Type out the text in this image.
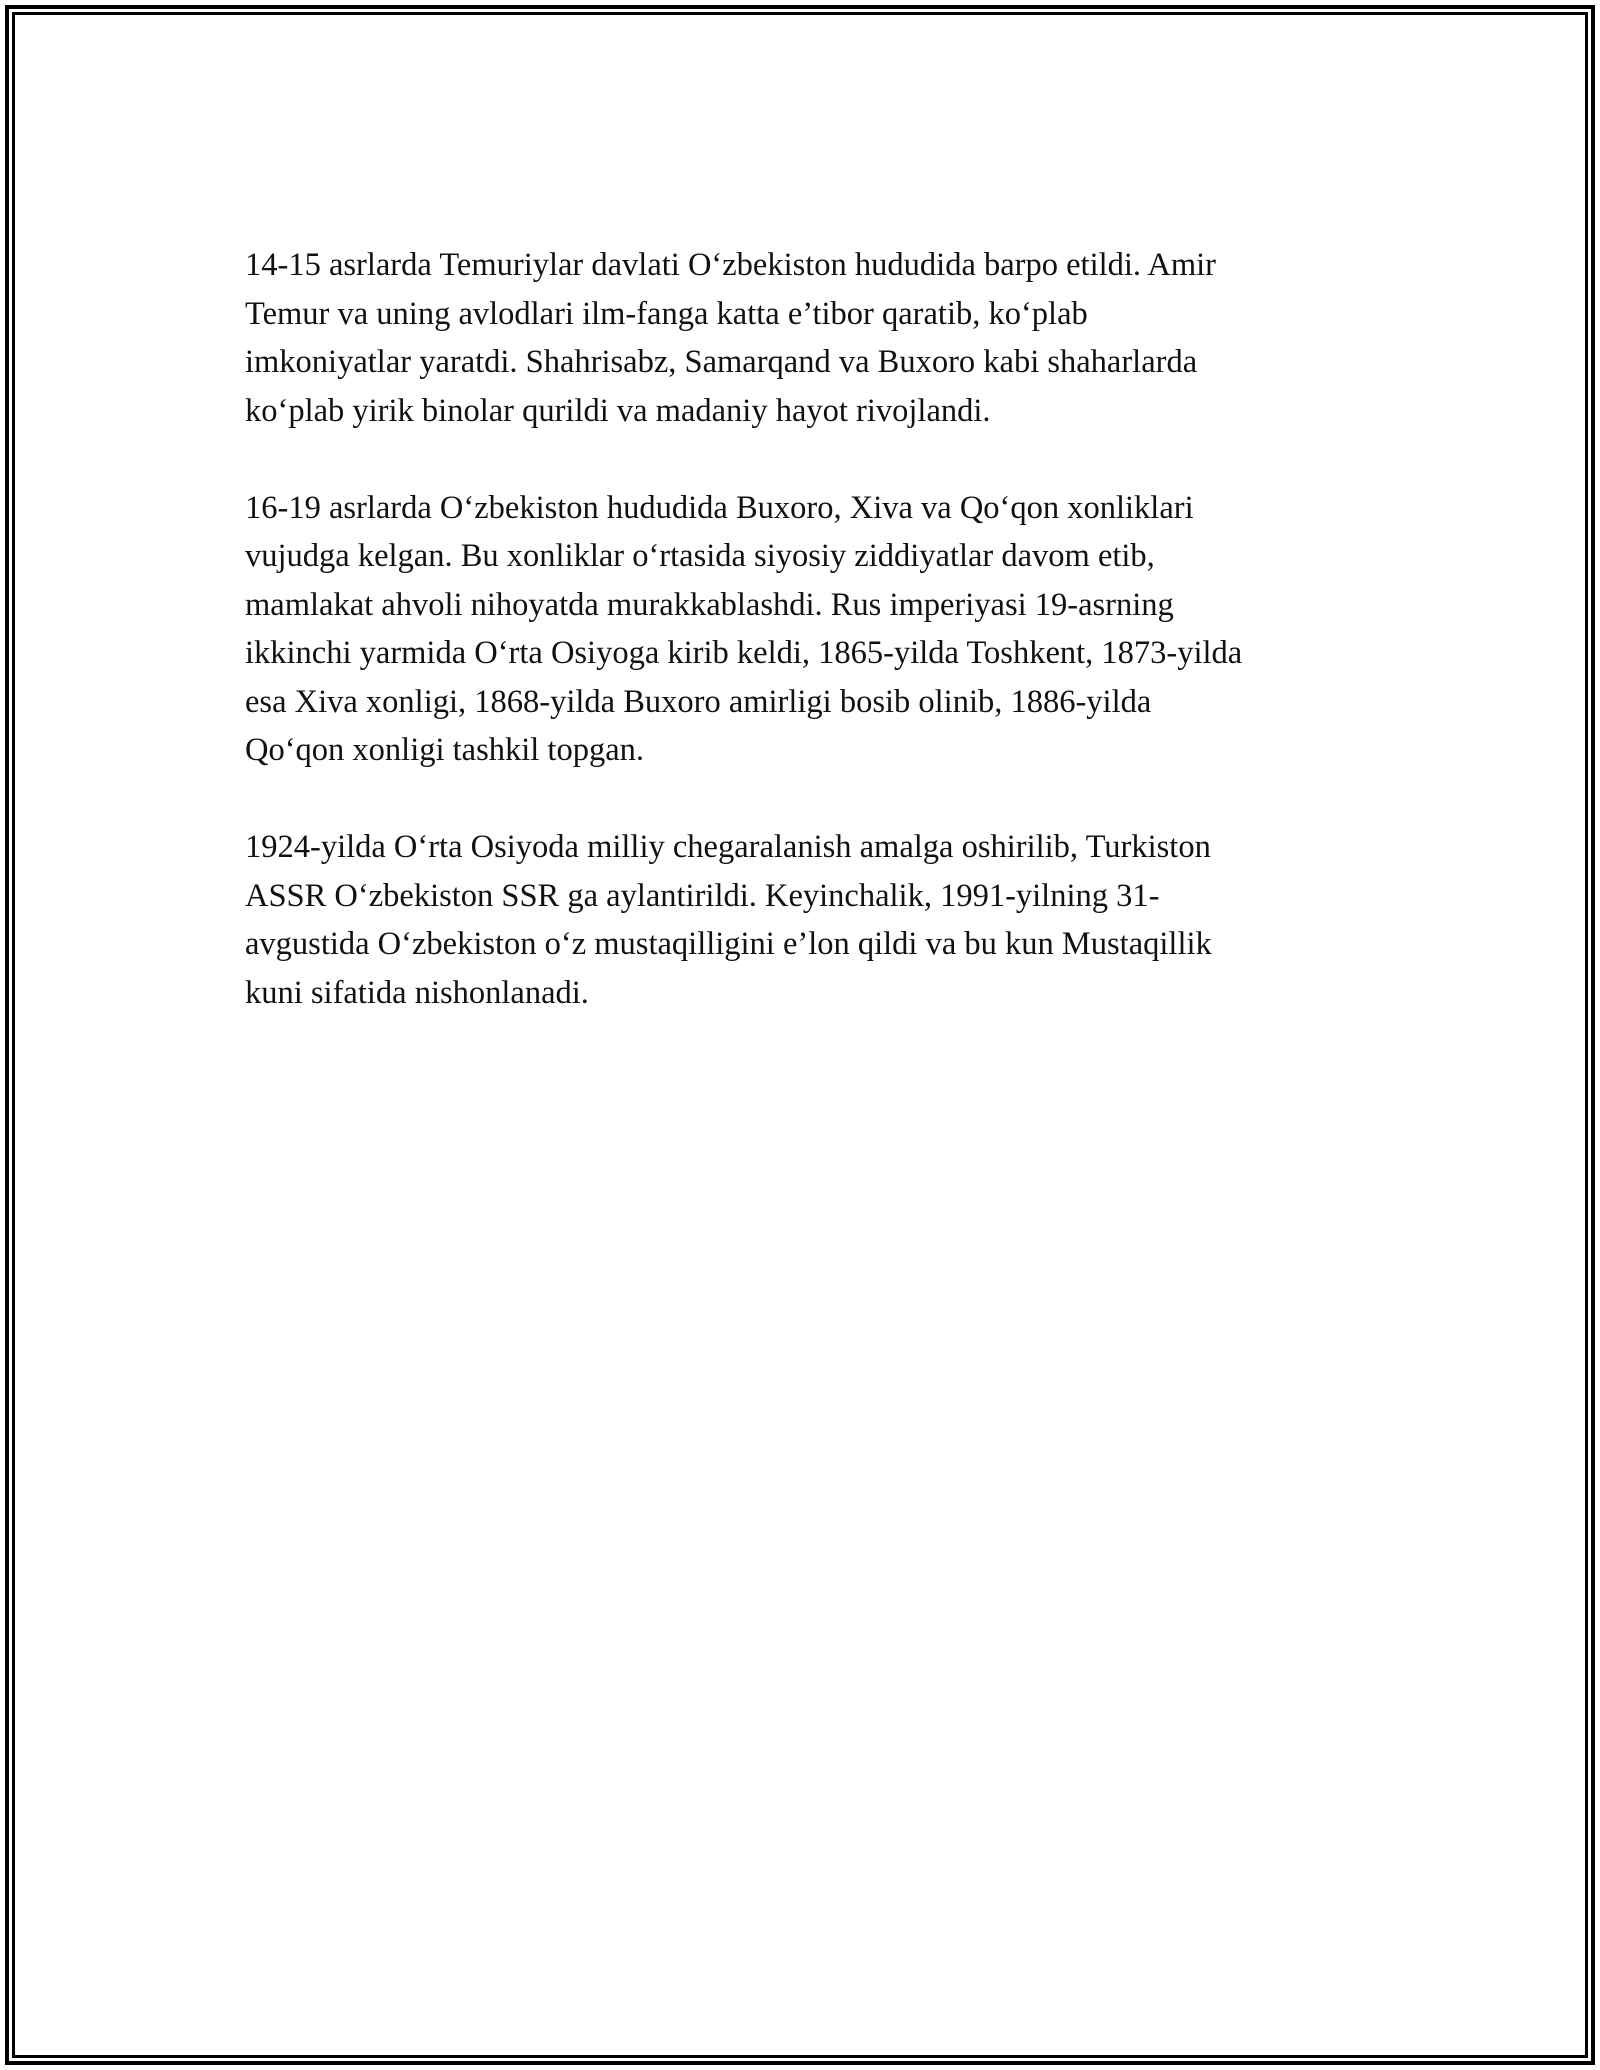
14-15 asrlarda Temuriylar davlati O‘zbekiston hududida barpo etildi. Amir
Temur va uning avlodlari ilm-fanga katta e’tibor qaratib, ko‘plab
imkoniyatlar yaratdi. Shahrisabz, Samarqand va Buxoro kabi shaharlarda
ko‘plab yirik binolar qurildi va madaniy hayot rivojlandi.

16-19 asrlarda O‘zbekiston hududida Buxoro, Xiva va Qo‘qon xonliklari
vujudga kelgan. Bu xonliklar o‘rtasida siyosiy ziddiyatlar davom etib,
mamlakat ahvoli nihoyatda murakkablashdi. Rus imperiyasi 19-asrning
ikkinchi yarmida O‘rta Osiyoga kirib keldi, 1865-yilda Toshkent, 1873-yilda
esa Xiva xonligi, 1868-yilda Buxoro amirligi bosib olinib, 1886-yilda
Qo‘qon xonligi tashkil topgan.

1924-yilda O‘rta Osiyoda milliy chegaralanish amalga oshirilib, Turkiston
ASSR O‘zbekiston SSR ga aylantirildi. Keyinchalik, 1991-yilning 31-
avgustida O‘zbekiston o‘z mustaqilligini e’lon qildi va bu kun Mustaqillik
kuni sifatida nishonlanadi.
